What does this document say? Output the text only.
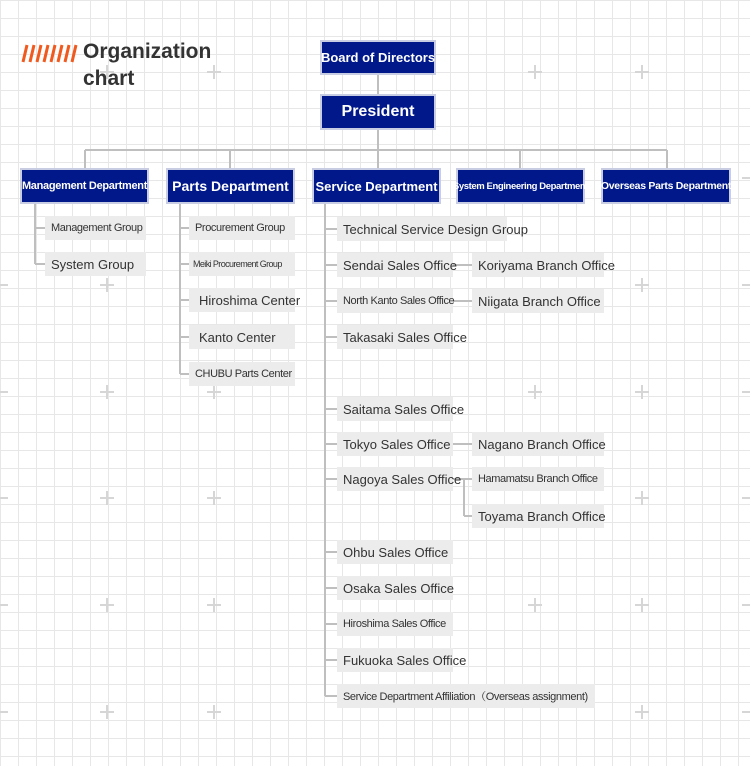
Organization
chart
Board of Directors
President
Management Department Parts Department	Service Department System Engineering Department Overseas Parts Department
Management Group
System Group
Procurement Group
Meiki Procurement Group
Hiroshima Center
Kanto Center
CHUBU Parts Center
Technical Service Design Group
Sendai Sales Office
North Kanto Sales Office
Takasaki Sales Office
Saitama Sales Office
Tokyo Sales Office
Nagoya Sales Office
Ohbu Sales Office
Osaka Sales Office
Hiroshima Sales Office
Fukuoka Sales Office
Service Department Affiliation（Overseas assignment)
Koriyama Branch Office
Niigata Branch Office
Nagano Branch Office
Hamamatsu Branch Office
Toyama Branch Office
